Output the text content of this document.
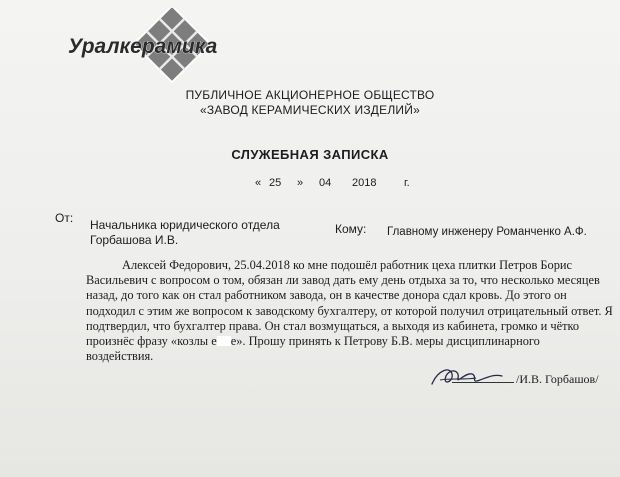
Уралкерамика
ПУБЛИЧНОЕ АКЦИОНЕРНОЕ ОБЩЕСТВО
«ЗАВОД КЕРАМИЧЕСКИХ ИЗДЕЛИЙ»
СЛУЖЕБНАЯ ЗАПИСКА
« 25 » 04 2018	г.
От: Начальника юридического отдела
Горбашова И.В.
Кому: Главному инженеру Романченко А.Ф.
Алексей Федорович, 25.04.2018 ко мне подошёл работник цеха плитки Петров Борис
Васильевич с вопросом о том, обязан ли завод дать ему день отдыха за то, что несколько месяцев
назад, до того как он стал работником завода, он в качестве донора сдал кровь. До этого он
подходил с этим же вопросом к заводскому бухгалтеру, от которой получил отрицательный ответ. Я
подтвердил, что бухгалтер права. Он стал возмущаться, а выходя из кабинета, громко и чётко
произнёс фразу «козлы е е». Прошу принять к Петрову Б.В. меры дисциплинарного
воздействия.
/И.В. Горбашов/
